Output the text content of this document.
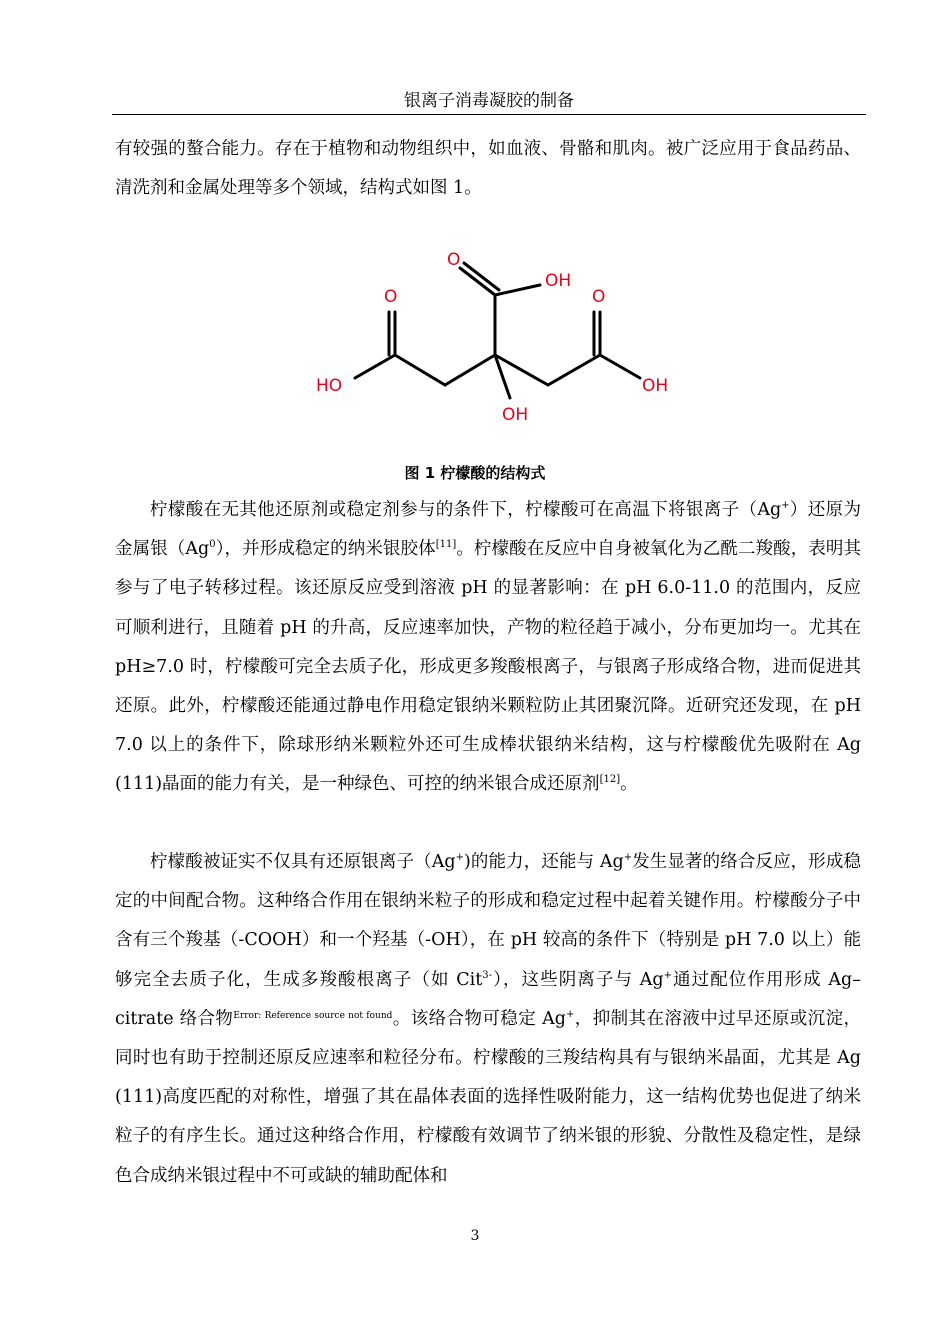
银离子消毒凝胶的制备

有较强的螯合能力。存在于植物和动物组织中，如血液、骨骼和肌肉。被广泛应用于食品药品、清洗剂和金属处理等多个领域，结构式如图 1。

O
OH
O	O
HO	OH
OH
图 1 柠檬酸的结构式

柠檬酸在无其他还原剂或稳定剂参与的条件下，柠檬酸可在高温下将银离子（Ag+）还原为金属银（Ag$^0$），并形成稳定的纳米银胶体[11]。柠檬酸在反应中自身被氧化为乙酰二羧酸，表明其参与了电子转移过程。该还原反应受到溶液 pH 的显著影响：在 pH 6.0-11.0 的范围内，反应可顺利进行，且随着 pH 的升高，反应速率加快，产物的粒径趋于减小，分布更加均一。尤其在 pH≥7.0 时，柠檬酸可完全去质子化，形成更多羧酸根离子，与银离子形成络合物，进而促进其还原。此外，柠檬酸还能通过静电作用稳定银纳米颗粒防止其团聚沉降。近研究还发现，在 pH 7.0 以上的条件下，除球形纳米颗粒外还可生成棒状银纳米结构，这与柠檬酸优先吸附在 Ag (111)晶面的能力有关，是一种绿色、可控的纳米银合成还原剂[12]。

柠檬酸被证实不仅具有还原银离子（Ag+)的能力，还能与 Ag+发生显著的络合反应，形成稳定的中间配合物。这种络合作用在银纳米粒子的形成和稳定过程中起着关键作用。柠檬酸分子中含有三个羧基（-COOH）和一个羟基（-OH），在 pH 较高的条件下（特别是 pH 7.0 以上）能够完全去质子化，生成多羧酸根离子（如 Cit$^{3-}$），这些阴离子与 Ag+通过配位作用形成 Ag–citrate 络合物$^{Error: Reference source not found}$。该络合物可稳定 Ag+，抑制其在溶液中过早还原或沉淀，同时也有助于控制还原反应速率和粒径分布。柠檬酸的三羧结构具有与银纳米晶面，尤其是 Ag (111)高度匹配的对称性，增强了其在晶体表面的选择性吸附能力，这一结构优势也促进了纳米粒子的有序生长。通过这种络合作用，柠檬酸有效调节了纳米银的形貌、分散性及稳定性，是绿色合成纳米银过程中不可或缺的辅助配体和

3
